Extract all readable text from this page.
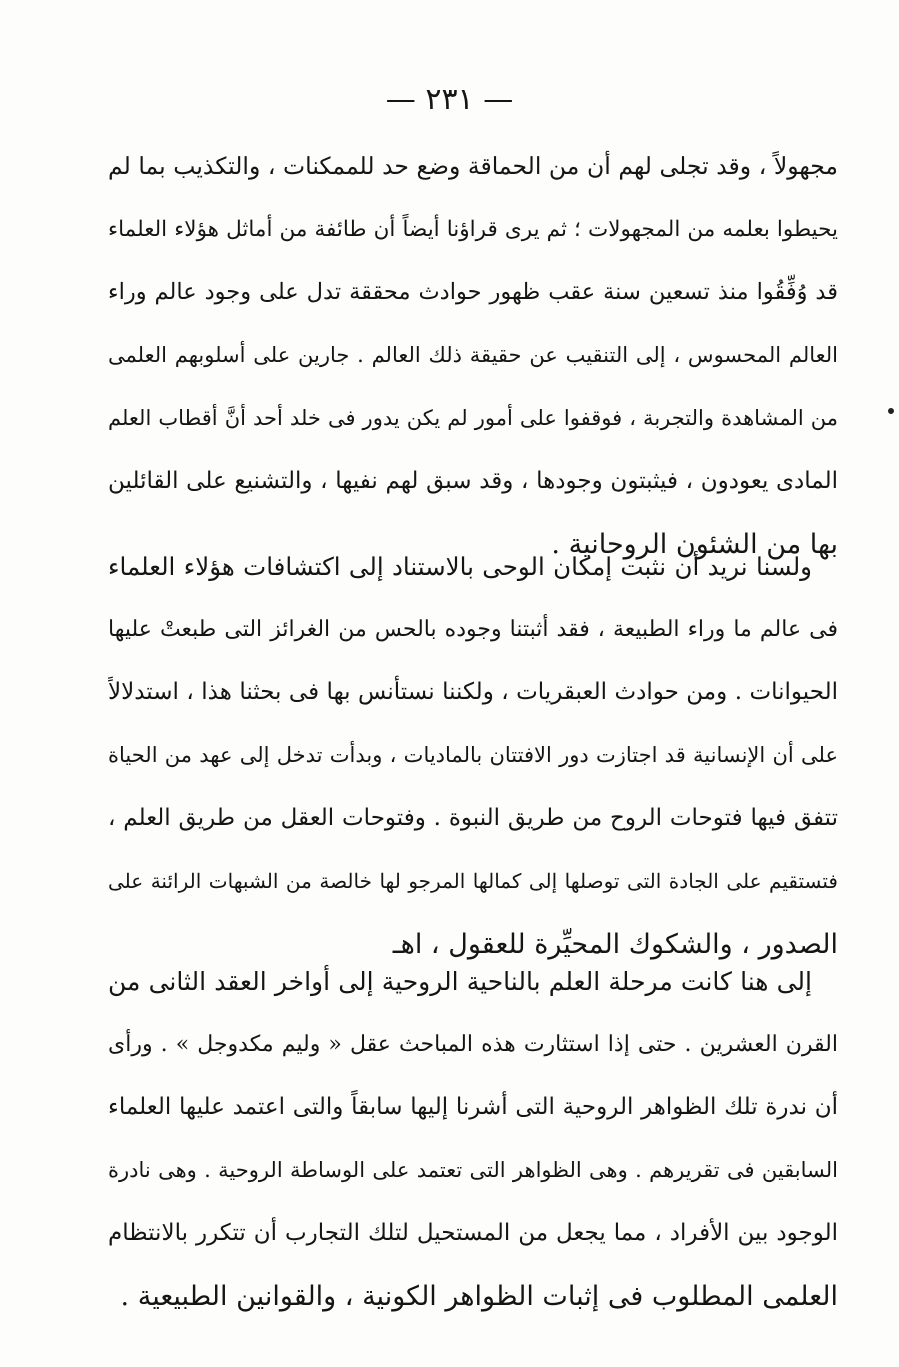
— ٢٣١ —
مجهولاً ، وقد تجلى لهم أن من الحماقة وضع حد للممكنات ، والتكذيب بما لم
يحيطوا بعلمه من المجهولات ؛ ثم يرى قراؤنا أيضاً أن طائفة من أماثل هؤلاء العلماء
قد وُفِّقُوا منذ تسعين سنة عقب ظهور حوادث محققة تدل على وجود عالم وراء
العالم المحسوس ، إلى التنقيب عن حقيقة ذلك العالم . جارين على أسلوبهم العلمى
من المشاهدة والتجربة ، فوقفوا على أمور لم يكن يدور فى خلد أحد أنَّ أقطاب العلم
المادى يعودون ، فيثبتون وجودها ، وقد سبق لهم نفيها ، والتشنيع على القائلين
بها من الشئون الروحانية .
ولسنا نريد أن نثبت إمكان الوحى بالاستناد إلى اكتشافات هؤلاء العلماء
فى عالم ما وراء الطبيعة ، فقد أثبتنا وجوده بالحس من الغرائز التى طبعتْ عليها
الحيوانات . ومن حوادث العبقريات ، ولكننا نستأنس بها فى بحثنا هذا ، استدلالاً
على أن الإنسانية قد اجتازت دور الافتتان بالماديات ، وبدأت تدخل إلى عهد من الحياة
تتفق فيها فتوحات الروح من طريق النبوة . وفتوحات العقل من طريق العلم ،
فتستقيم على الجادة التى توصلها إلى كمالها المرجو لها خالصة من الشبهات الرائنة على
الصدور ، والشكوك المحيِّرة للعقول ، اهـ
إلى هنا كانت مرحلة العلم بالناحية الروحية إلى أواخر العقد الثانى من
القرن العشرين . حتى إذا استثارت هذه المباحث عقل « وليم مكدوجل » . ورأى
أن ندرة تلك الظواهر الروحية التى أشرنا إليها سابقاً والتى اعتمد عليها العلماء
السابقين فى تقريرهم . وهى الظواهر التى تعتمد على الوساطة الروحية . وهى نادرة
الوجود بين الأفراد ، مما يجعل من المستحيل لتلك التجارب أن تتكرر بالانتظام
العلمى المطلوب فى إثبات الظواهر الكونية ، والقوانين الطبيعية .
